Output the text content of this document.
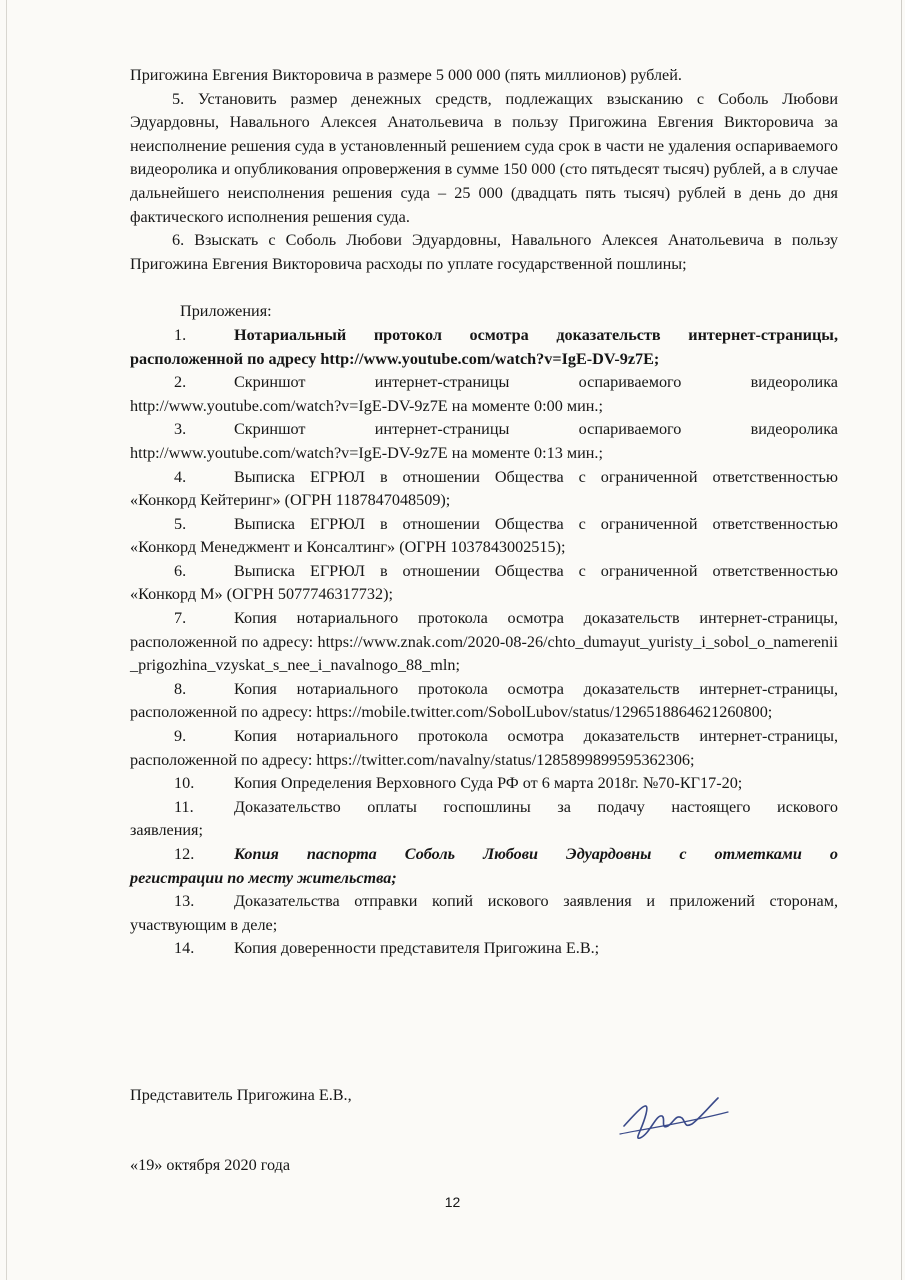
Пригожина Евгения Викторовича в размере 5 000 000 (пять миллионов) рублей.

5. Установить размер денежных средств, подлежащих взысканию с Соболь Любови Эдуардовны, Навального Алексея Анатольевича в пользу Пригожина Евгения Викторовича за неисполнение решения суда в установленный решением суда срок в части не удаления оспариваемого видеоролика и опубликования опровержения в сумме 150 000 (сто пятьдесят тысяч) рублей, а в случае дальнейшего неисполнения решения суда – 25 000 (двадцать пять тысяч) рублей в день до дня фактического исполнения решения суда.

6. Взыскать с Соболь Любови Эдуардовны, Навального Алексея Анатольевича в пользу Пригожина Евгения Викторовича расходы по уплате государственной пошлины;

Приложения:

1.	Нотариальный протокол осмотра доказательств интернет-страницы,
расположенной по адресу http://www.youtube.com/watch?v=IgE-DV-9z7E;
2.	Скриншот интернет-страницы оспариваемого видеоролика
http://www.youtube.com/watch?v=IgE-DV-9z7E на моменте 0:00 мин.;
3.	Скриншот интернет-страницы оспариваемого видеоролика
http://www.youtube.com/watch?v=IgE-DV-9z7E на моменте 0:13 мин.;
4.	Выписка ЕГРЮЛ в отношении Общества с ограниченной ответственностью
«Конкорд Кейтеринг» (ОГРН 1187847048509);
5.	Выписка ЕГРЮЛ в отношении Общества с ограниченной ответственностью
«Конкорд Менеджмент и Консалтинг» (ОГРН 1037843002515);
6.	Выписка ЕГРЮЛ в отношении Общества с ограниченной ответственностью
«Конкорд М» (ОГРН 5077746317732);
7.	Копия нотариального протокола осмотра доказательств интернет-страницы,
расположенной по адресу: https://www.znak.com/2020-08-26/chto_dumayut_yuristy_i_sobol_o_namerenii_prigozhina_vzyskat_s_nee_i_navalnogo_88_mln;
8.	Копия нотариального протокола осмотра доказательств интернет-страницы,
расположенной по адресу: https://mobile.twitter.com/SobolLubov/status/1296518864621260800;
9.	Копия нотариального протокола осмотра доказательств интернет-страницы,
расположенной по адресу: https://twitter.com/navalny/status/1285899899595362306;
10.	Копия Определения Верховного Суда РФ от 6 марта 2018г. №70-КГ17-20;
11.	Доказательство оплаты госпошлины за подачу настоящего искового
заявления;
12.	Копия паспорта Соболь Любови Эдуардовны с отметками о
регистрации по месту жительства;
13.	Доказательства отправки копий искового заявления и приложений сторонам,
участвующим в деле;
14.	Копия доверенности представителя Пригожина Е.В.;
Представитель Пригожина Е.В.,
«19» октября 2020 года
12
